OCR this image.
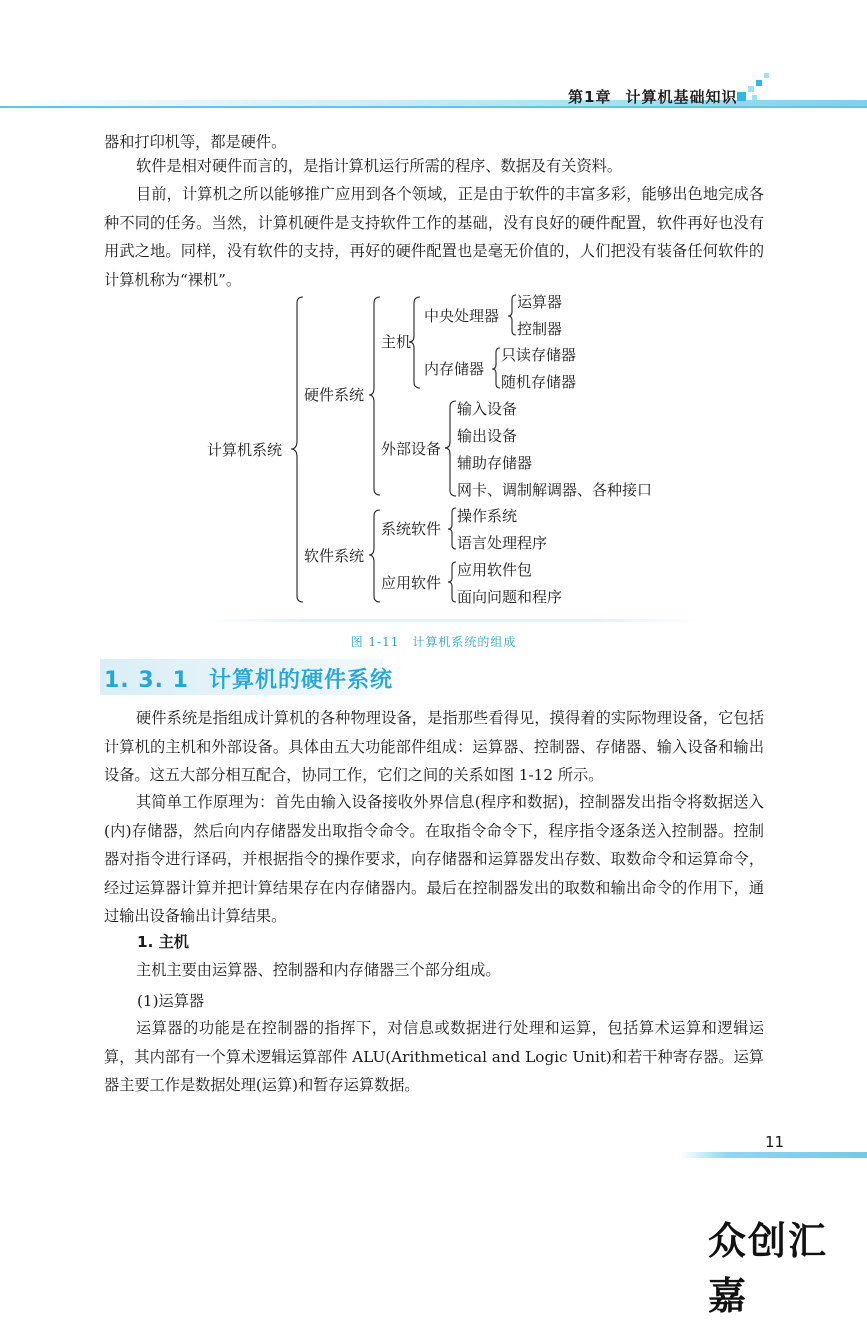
第1章 计算机基础知识

器和打印机等，都是硬件。

软件是相对硬件而言的，是指计算机运行所需的程序、数据及有关资料。

目前，计算机之所以能够推广应用到各个领域，正是由于软件的丰富多彩，能够出色地完成各种不同的任务。当然，计算机硬件是支持软件工作的基础，没有良好的硬件配置，软件再好也没有用武之地。同样，没有软件的支持，再好的硬件配置也是毫无价值的，人们把没有装备任何软件的计算机称为“裸机”。

计算机系统
硬件系统
主机
中央处理器
运算器
控制器
内存储器
只读存储器
随机存储器
外部设备
输入设备
输出设备
辅助存储器
网卡、调制解调器、各种接口
软件系统
系统软件
操作系统
语言处理程序
应用软件
应用软件包
面向问题和程序
图 1-11　计算机系统的组成
1. 3. 1 计算机的硬件系统

硬件系统是指组成计算机的各种物理设备，是指那些看得见，摸得着的实际物理设备，它包括计算机的主机和外部设备。具体由五大功能部件组成：运算器、控制器、存储器、输入设备和输出设备。这五大部分相互配合，协同工作，它们之间的关系如图 1-12 所示。

其简单工作原理为：首先由输入设备接收外界信息(程序和数据)，控制器发出指令将数据送入(内)存储器，然后向内存储器发出取指令命令。在取指令命令下，程序指令逐条送入控制器。控制器对指令进行译码，并根据指令的操作要求，向存储器和运算器发出存数、取数命令和运算命令，经过运算器计算并把计算结果存在内存储器内。最后在控制器发出的取数和输出命令的作用下，通过输出设备输出计算结果。

1. 主机

主机主要由运算器、控制器和内存储器三个部分组成。

(1)运算器

运算器的功能是在控制器的指挥下，对信息或数据进行处理和运算，包括算术运算和逻辑运算，其内部有一个算术逻辑运算部件 ALU(Arithmetical and Logic Unit)和若干种寄存器。运算器主要工作是数据处理(运算)和暂存运算数据。

11
众创汇嘉
